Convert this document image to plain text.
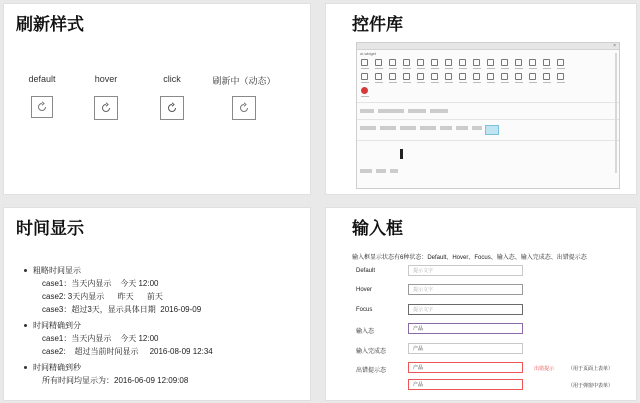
刷新样式
default	hover	click	刷新中（动态）
控件库
×
ui-widget
时间显示
粗略时间显示
case1：当天内显示    今天 12:00
case2: 3天内显示      昨天      前天
case3：超过3天，显示具体日期  2016-09-09
时间精确到分
case1：当天内显示    今天 12:00
case2:    超过当前时间显示     2016-08-09 12:34
时间精确到秒
所有时间均显示为：2016-06-09 12:09:08
输入框
输入框显示状态有6种状态：Default、Hover、Focus、输入态、输入完成态、出错提示态
Default	提示文字
Hover	提示文字
Focus	提示文字
输入态	产品
输入完成态	产品
出错提示态	产品	出错提示	（用于页面上表单）
产品	（用于弹窗中表单）
